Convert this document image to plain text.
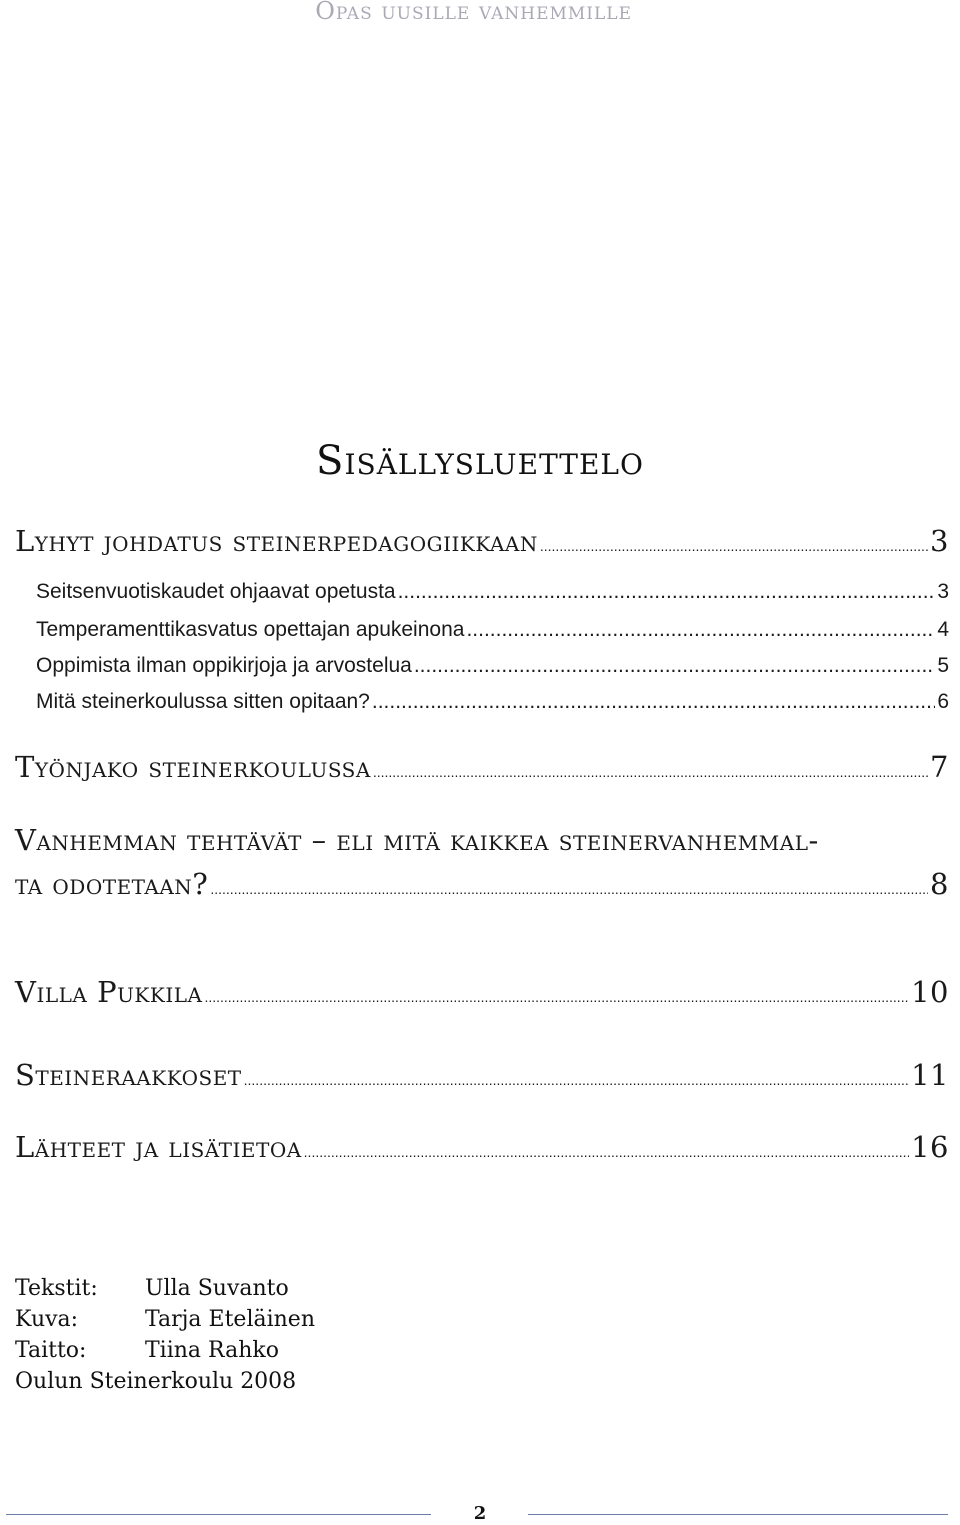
Opas uusille vanhemmille
Sisällysluettelo
Lyhyt johdatus steinerpedagogiikkaan .....	3
Seitsenvuotiskaudet ohjaavat opetusta .....	3
Temperamenttikasvatus opettajan apukeinona .....	4
Oppimista ilman oppikirjoja ja arvostelua .....	5
Mitä steinerkoulussa sitten opitaan? .....	6
Työnjako steinerkoulussa .....	7
Vanhemman tehtävät – eli mitä kaikkea steinervanhemmal-
ta odotetaan? .....	8
Villa Pukkila .....	10
Steineraakkoset .....	11
Lähteet ja lisätietoa .....	16
Tekstit:	Ulla Suvanto
Kuva:	Tarja Eteläinen
Taitto:	Tiina Rahko
Oulun Steinerkoulu 2008
2
